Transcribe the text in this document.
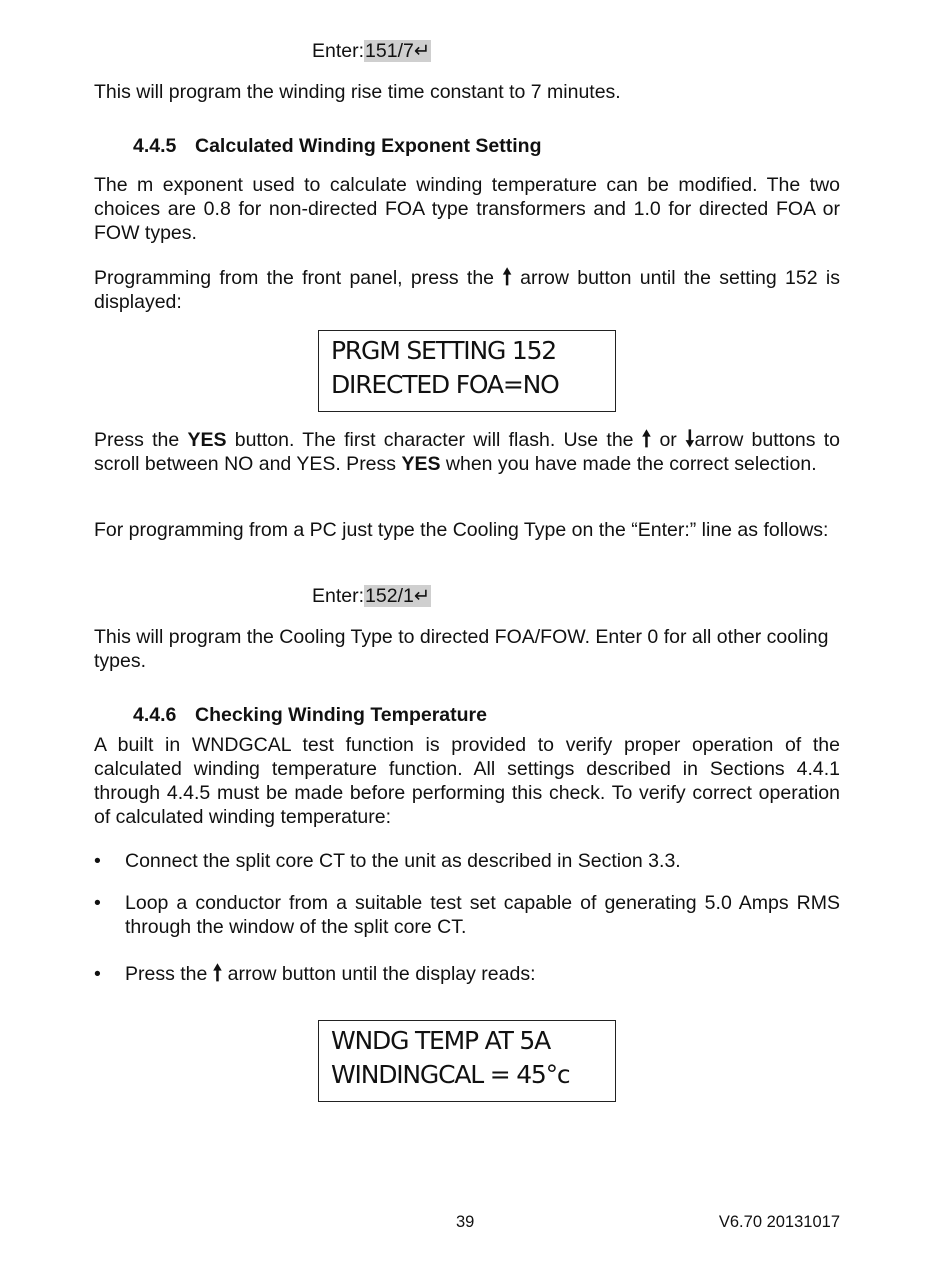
Enter:151/7↵

This will program the winding rise time constant to 7 minutes.

4.4.5 Calculated Winding Exponent Setting

The m exponent used to calculate winding temperature can be modified. The two choices are 0.8 for non-directed FOA type transformers and 1.0 for directed FOA or FOW types.

Programming from the front panel, press the 🠕 arrow button until the setting 152 is displayed:

PRGM SETTING 152
DIRECTED FOA=NO

Press the YES button. The first character will flash. Use the 🠕 or 🠗arrow buttons to scroll between NO and YES. Press YES when you have made the correct selection.

For programming from a PC just type the Cooling Type on the “Enter:” line as follows:

Enter:152/1↵

This will program the Cooling Type to directed FOA/FOW. Enter 0 for all other cooling types.

4.4.6 Checking Winding Temperature

A built in WNDGCAL test function is provided to verify proper operation of the calculated winding temperature function. All settings described in Sections 4.4.1 through 4.4.5 must be made before performing this check. To verify correct operation of calculated winding temperature:

• Connect the split core CT to the unit as described in Section 3.3.

• Loop a conductor from a suitable test set capable of generating 5.0 Amps RMS through the window of the split core CT.

• Press the 🠕 arrow button until the display reads:

WNDG TEMP AT 5A
WINDINGCAL = 45°c
39	V6.70 20131017
